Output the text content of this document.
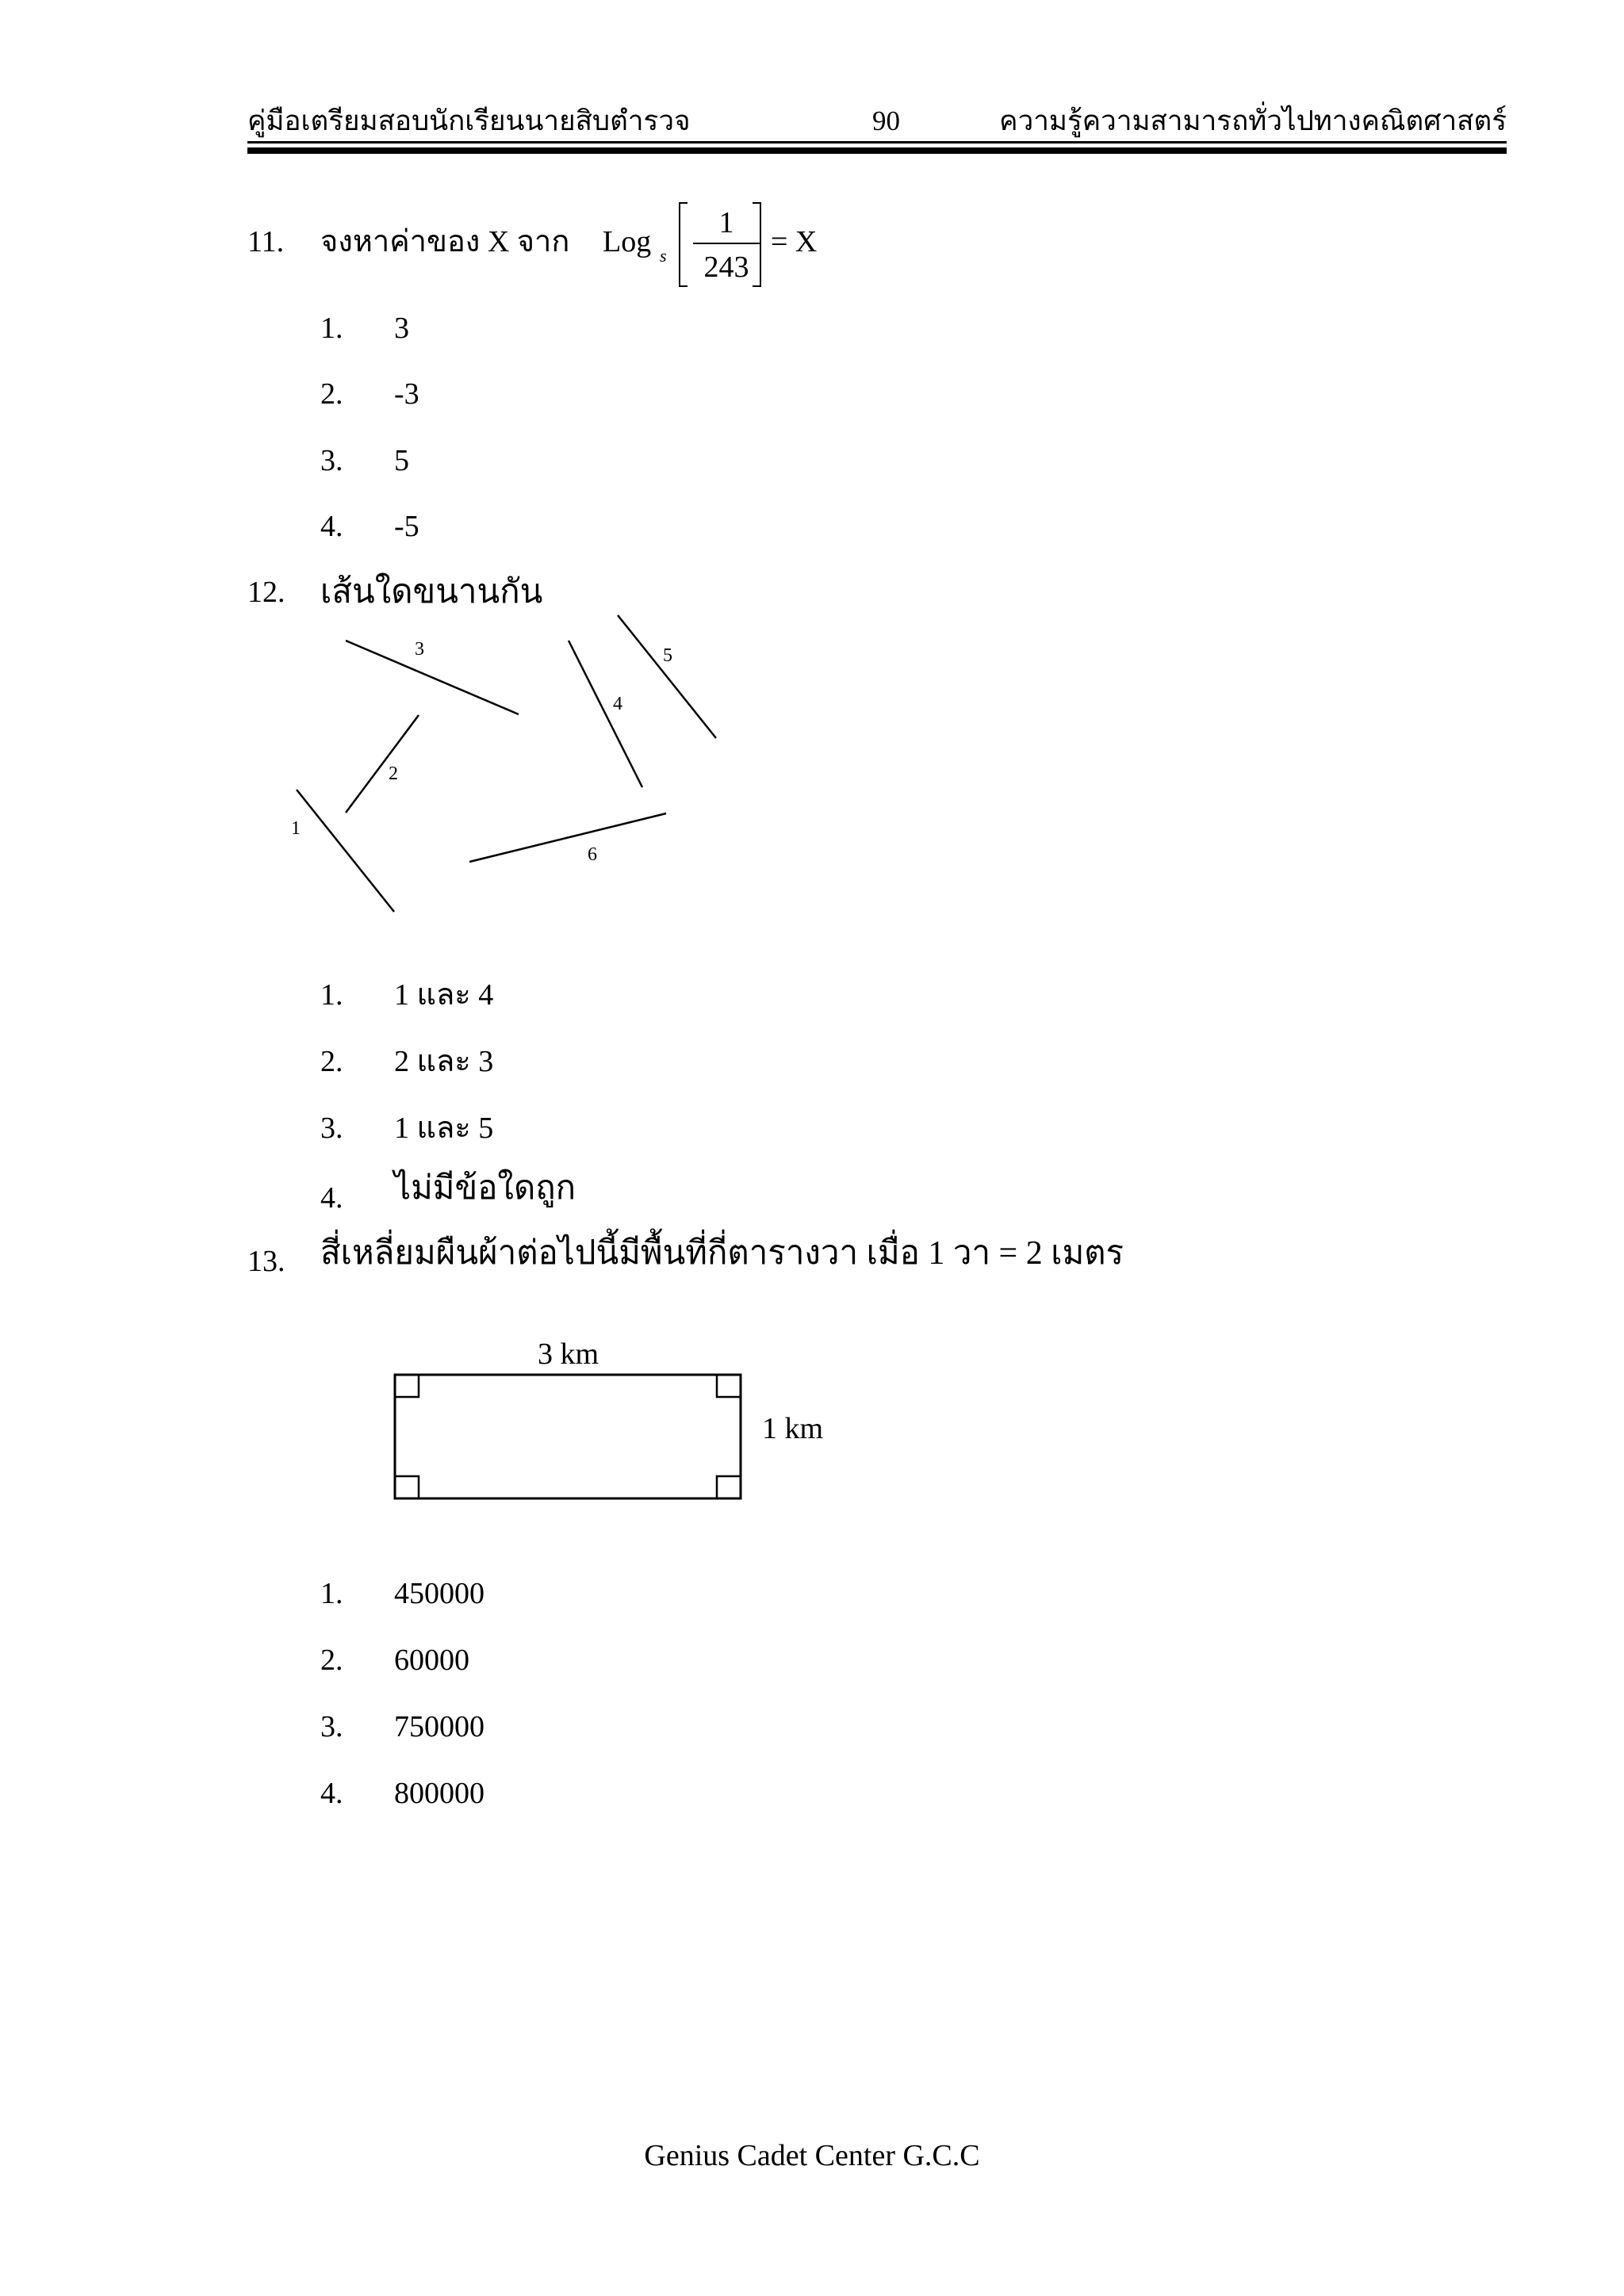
คู่มือเตรียมสอบนักเรียนนายสิบตำรวจ	90	ความรู้ความสามารถทั่วไปทางคณิตศาสตร์
11. จงหาค่าของ X จาก Log s
1
243
= X
1. 3
2. -3
3. 5
4. -5
12. เส้นใดขนานกัน
1
2
3
4
5
6
1. 1 และ 4
2. 2 และ 3
3. 1 และ 5
4. ไม่มีข้อใดถูก
13. สี่เหลี่ยมผืนผ้าต่อไปนี้มีพื้นที่กี่ตารางวา เมื่อ 1 วา = 2 เมตร
3 km
1 km
1. 450000
2. 60000
3. 750000
4. 800000
Genius Cadet Center G.C.C
